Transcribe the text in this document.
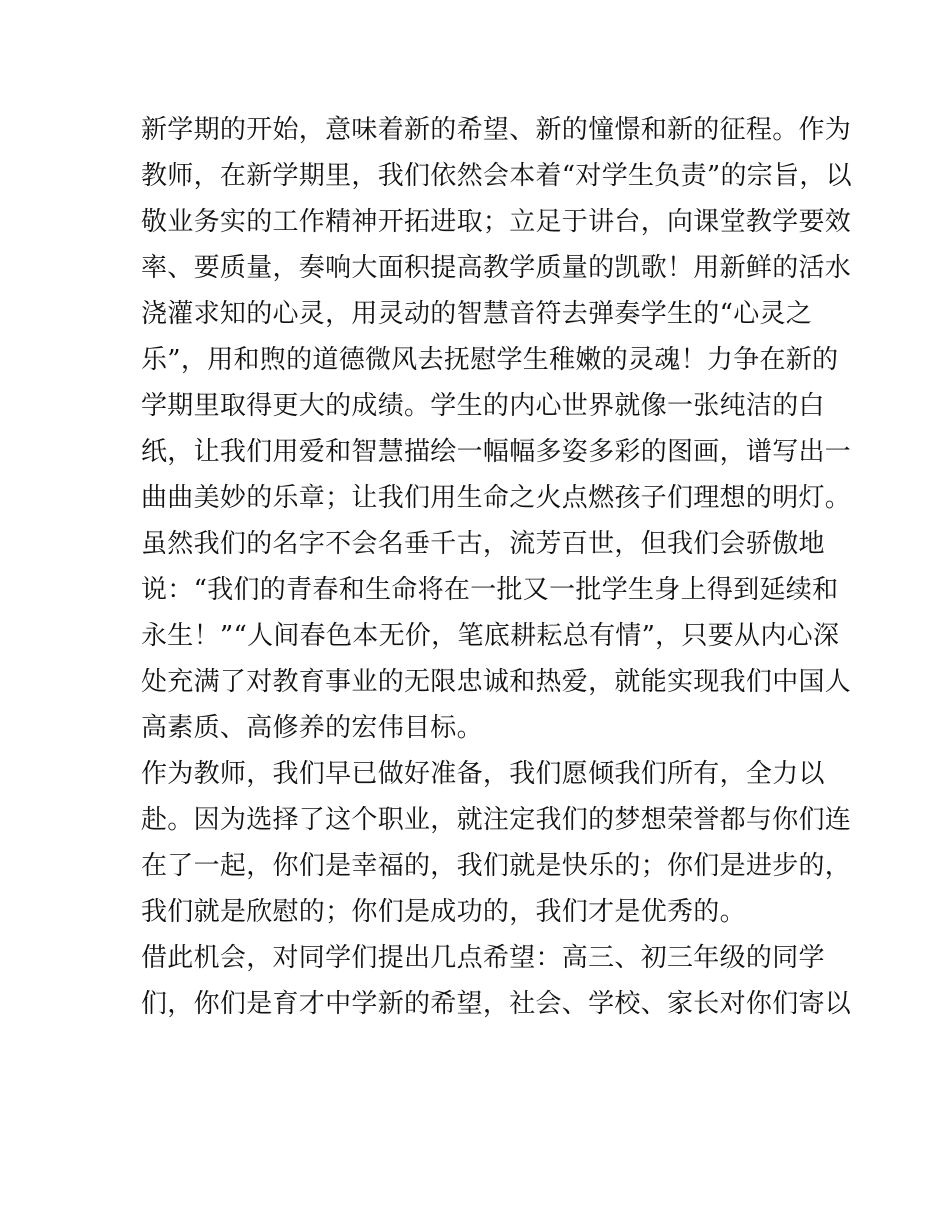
新学期的开始，意味着新的希望、新的憧憬和新的征程。作为
教师，在新学期里，我们依然会本着“对学生负责”的宗旨，以
敬业务实的工作精神开拓进取；立足于讲台，向课堂教学要效
率、要质量，奏响大面积提高教学质量的凯歌！用新鲜的活水
浇灌求知的心灵，用灵动的智慧音符去弹奏学生的“心灵之
乐”，用和煦的道德微风去抚慰学生稚嫩的灵魂！力争在新的
学期里取得更大的成绩。学生的内心世界就像一张纯洁的白
纸，让我们用爱和智慧描绘一幅幅多姿多彩的图画，谱写出一
曲曲美妙的乐章；让我们用生命之火点燃孩子们理想的明灯。
虽然我们的名字不会名垂千古，流芳百世，但我们会骄傲地
说：“我们的青春和生命将在一批又一批学生身上得到延续和
永生！”“人间春色本无价，笔底耕耘总有情”，只要从内心深
处充满了对教育事业的无限忠诚和热爱，就能实现我们中国人
高素质、高修养的宏伟目标。
作为教师，我们早已做好准备，我们愿倾我们所有，全力以
赴。因为选择了这个职业，就注定我们的梦想荣誉都与你们连
在了一起，你们是幸福的，我们就是快乐的；你们是进步的，
我们就是欣慰的；你们是成功的，我们才是优秀的。
借此机会，对同学们提出几点希望：高三、初三年级的同学
们，你们是育才中学新的希望，社会、学校、家长对你们寄以
